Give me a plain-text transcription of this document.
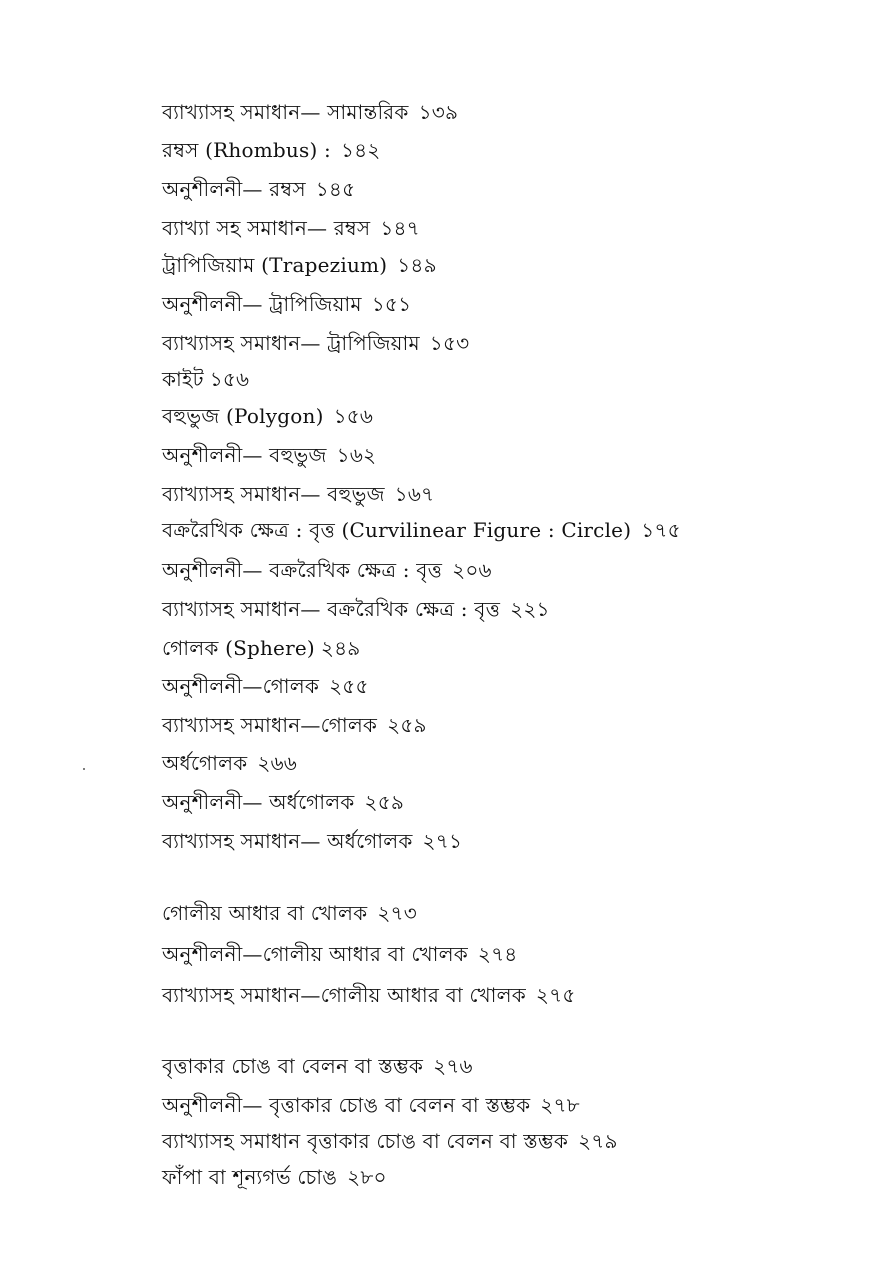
ব্যাখ্যাসহ সমাধান— সামান্তরিক ১৩৯
রম্বস (Rhombus) : ১৪২
অনুশীলনী— রম্বস ১৪৫
ব্যাখ্যা সহ সমাধান— রম্বস ১৪৭
ট্রাপিজিয়াম (Trapezium) ১৪৯
অনুশীলনী— ট্রাপিজিয়াম ১৫১
ব্যাখ্যাসহ সমাধান— ট্রাপিজিয়াম ১৫৩
কাইট ১৫৬
বহুভুজ (Polygon) ১৫৬
অনুশীলনী— বহুভুজ ১৬২
ব্যাখ্যাসহ সমাধান— বহুভুজ ১৬৭
বক্ররৈখিক ক্ষেত্র : বৃত্ত (Curvilinear Figure : Circle) ১৭৫
অনুশীলনী— বক্ররৈখিক ক্ষেত্র : বৃত্ত ২০৬
ব্যাখ্যাসহ সমাধান— বক্ররৈখিক ক্ষেত্র : বৃত্ত ২২১
গোলক (Sphere) ২৪৯
অনুশীলনী—গোলক ২৫৫
ব্যাখ্যাসহ সমাধান—গোলক ২৫৯
অর্ধগোলক ২৬৬
অনুশীলনী— অর্ধগোলক ২৫৯
ব্যাখ্যাসহ সমাধান— অর্ধগোলক ২৭১
গোলীয় আধার বা খোলক ২৭৩
অনুশীলনী—গোলীয় আধার বা খোলক ২৭৪
ব্যাখ্যাসহ সমাধান—গোলীয় আধার বা খোলক ২৭৫
বৃত্তাকার চোঙ বা বেলন বা স্তম্ভক ২৭৬
অনুশীলনী— বৃত্তাকার চোঙ বা বেলন বা স্তম্ভক ২৭৮
ব্যাখ্যাসহ সমাধান বৃত্তাকার চোঙ বা বেলন বা স্তম্ভক ২৭৯
ফাঁপা বা শূন্যগর্ভ চোঙ ২৮০
